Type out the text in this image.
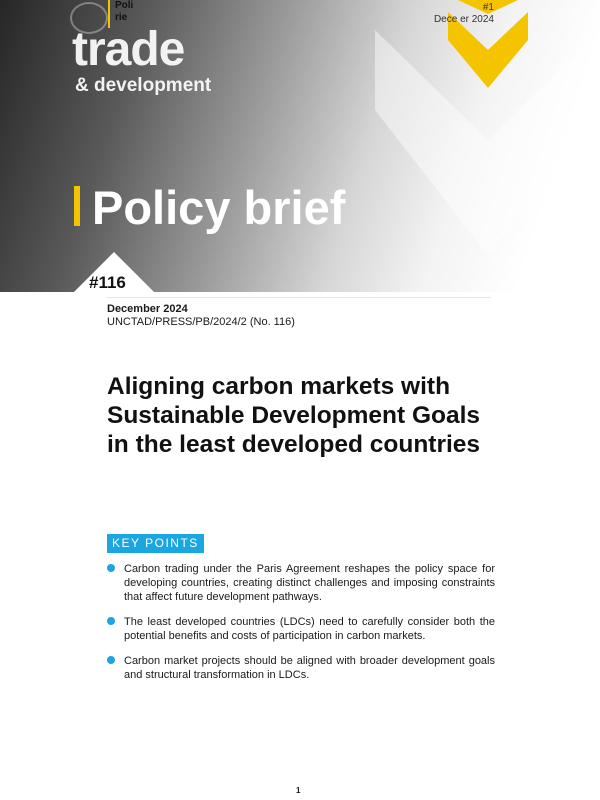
Poli
rie
trade
& development
#1
Dece er 2024
Policy brief
#116
December 2024
UNCTAD/PRESS/PB/2024/2 (No. 116)
Aligning carbon markets with Sustainable Development Goals in the least developed countries
KEY POINTS
Carbon trading under the Paris Agreement reshapes the policy space for developing countries, creating distinct challenges and imposing constraints that affect future development pathways.
The least developed countries (LDCs) need to carefully consider both the potential benefits and costs of participation in carbon markets.
Carbon market projects should be aligned with broader development goals and structural transformation in LDCs.
1
